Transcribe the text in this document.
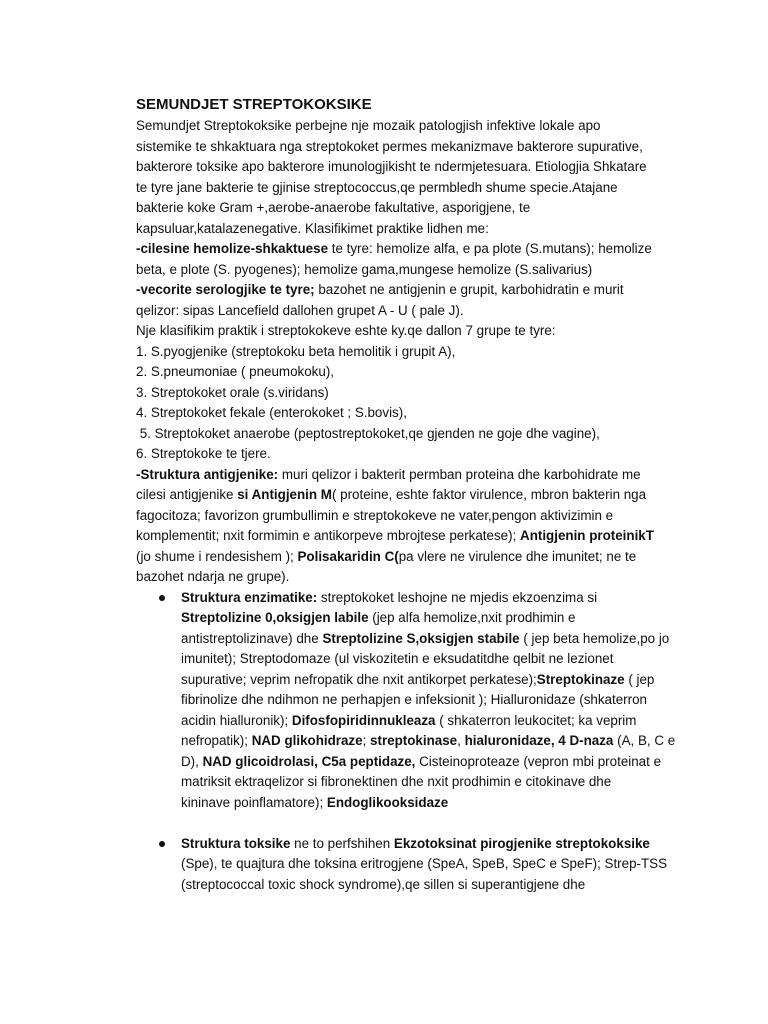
SEMUNDJET STREPTOKOKSIKE
Semundjet Streptokoksike perbejne nje mozaik patologjish infektive lokale apo
sistemike te shkaktuara nga streptokoket permes mekanizmave bakterore supurative,
bakterore toksike apo bakterore imunologjikisht te ndermjetesuara. Etiologjia Shkatare
te tyre jane bakterie te gjinise streptococcus,qe permbledh shume specie.Atajane
bakterie koke Gram +,aerobe-anaerobe fakultative, asporigjene, te
kapsuluar,katalazenegative. Klasifikimet praktike lidhen me:
-cilesine hemolize-shkaktuese te tyre: hemolize alfa, e pa plote (S.mutans); hemolize
beta, e plote (S. pyogenes); hemolize gama,mungese hemolize (S.salivarius)
-vecorite serologjike te tyre; bazohet ne antigjenin e grupit, karbohidratin e murit
qelizor: sipas Lancefield dallohen grupet A - U ( pale J).
Nje klasifikim praktik i streptokokeve eshte ky.qe dallon 7 grupe te tyre:
1. S.pyogjenike (streptokoku beta hemolitik i grupit A),
2. S.pneumoniae ( pneumokoku),
3. Streptokoket orale (s.viridans)
4. Streptokoket fekale (enterokoket ; S.bovis),
5. Streptokoket anaerobe (peptostreptokoket,qe gjenden ne goje dhe vagine),
6. Streptokoke te tjere.
-Struktura antigjenike: muri qelizor i bakterit permban proteina dhe karbohidrate me
cilesi antigjenike si Antigjenin M( proteine, eshte faktor virulence, mbron bakterin nga
fagocitoza; favorizon grumbullimin e streptokokeve ne vater,pengon aktivizimin e
komplementit; nxit formimin e antikorpeve mbrojtese perkatese); Antigjenin proteinikT
(jo shume i rendesishem ); Polisakaridin C(pa vlere ne virulence dhe imunitet; ne te
bazohet ndarja ne grupe).
Struktura enzimatike: streptokoket leshojne ne mjedis ekzoenzima si
Streptolizine 0,oksigjen labile (jep alfa hemolize,nxit prodhimin e
antistreptolizinave) dhe Streptolizine S,oksigjen stabile ( jep beta hemolize,po jo
imunitet); Streptodomaze (ul viskozitetin e eksudatitdhe qelbit ne lezionet
supurative; veprim nefropatik dhe nxit antikorpet perkatese);Streptokinaze ( jep
fibrinolize dhe ndihmon ne perhapjen e infeksionit ); Hialluronidaze (shkaterron
acidin hialluronik); Difosfopiridinnukleaza ( shkaterron leukocitet; ka veprim
nefropatik); NAD glikohidraze; streptokinase, hialuronidaze, 4 D-naza (A, B, C e
D), NAD glicoidrolasi, C5a peptidaze, Cisteinoproteaze (vepron mbi proteinat e
matriksit ektraqelizor si fibronektinen dhe nxit prodhimin e citokinave dhe
kininave poinflamatore); Endoglikooksidaze
Struktura toksike ne to perfshihen Ekzotoksinat pirogjenike streptokoksike
(Spe), te quajtura dhe toksina eritrogjene (SpeA, SpeB, SpeC e SpeF); Strep-TSS
(streptococcal toxic shock syndrome),qe sillen si superantigjene dhe
